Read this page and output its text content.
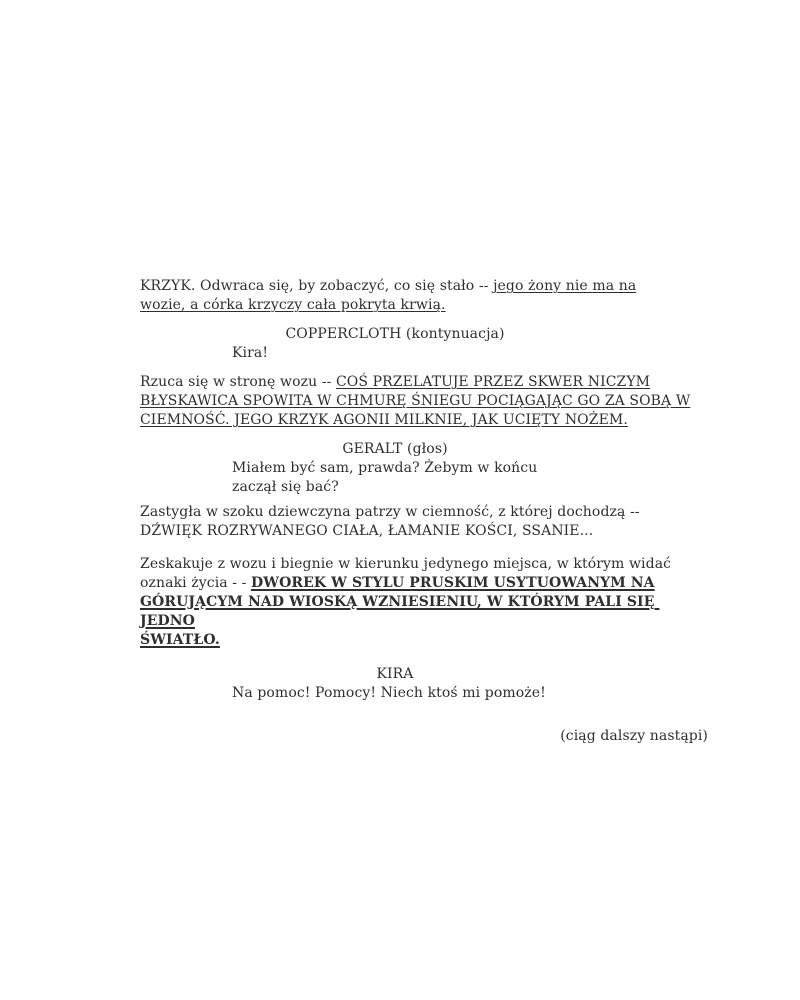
KRZYK. Odwraca się, by zobaczyć, co się stało -- jego żony nie ma na
wozie, a córka krzyczy cała pokryta krwią.
COPPERCLOTH (kontynuacja)
Kira!
Rzuca się w stronę wozu -- COŚ PRZELATUJE PRZEZ SKWER NICZYM
BŁYSKAWICA SPOWITA W CHMURĘ ŚNIEGU POCIĄGAJĄC GO ZA SOBĄ W
CIEMNOŚĆ. JEGO KRZYK AGONII MILKNIE, JAK UCIĘTY NOŻEM.
GERALT (głos)
Miałem być sam, prawda? Żebym w końcu
zaczął się bać?
Zastygła w szoku dziewczyna patrzy w ciemność, z której dochodzą --
DŹWIĘK ROZRYWANEGO CIAŁA, ŁAMANIE KOŚCI, SSANIE...
Zeskakuje z wozu i biegnie w kierunku jedynego miejsca, w którym widać
oznaki życia - - DWOREK W STYLU PRUSKIM USYTUOWANYM NA
GÓRUJĄCYM NAD WIOSKĄ WZNIESIENIU, W KTÓRYM PALI SIĘ JEDNO
ŚWIATŁO.
KIRA
Na pomoc! Pomocy! Niech ktoś mi pomoże!
(ciąg dalszy nastąpi)
